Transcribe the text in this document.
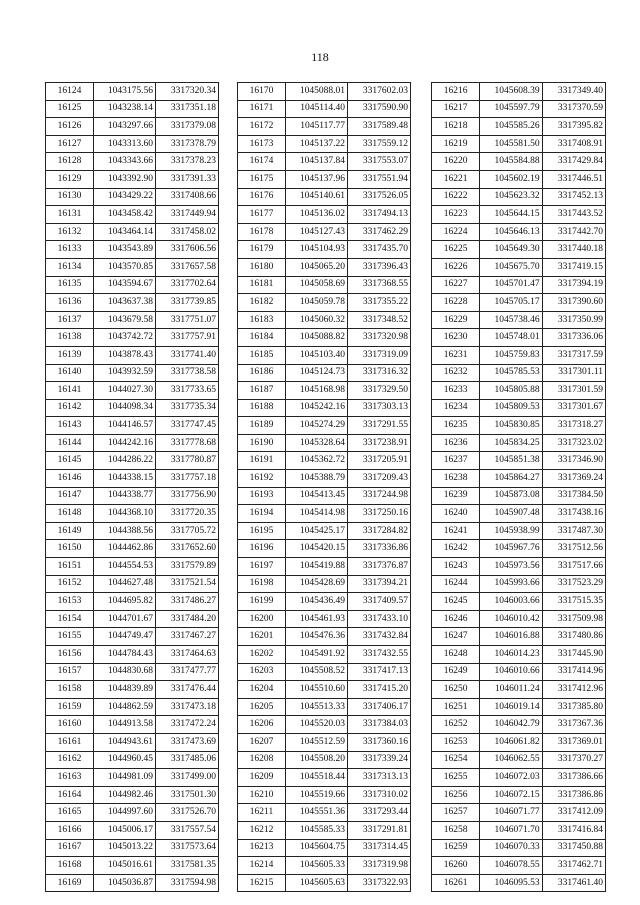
118
16124	1043175.56	3317320.34
16125	1043238.14	3317351.18
16126	1043297.66	3317379.08
16127	1043313.60	3317378.79
16128	1043343.66	3317378.23
16129	1043392.90	3317391.33
16130	1043429.22	3317408.66
16131	1043458.42	3317449.94
16132	1043464.14	3317458.02
16133	1043543.89	3317606.56
16134	1043570.85	3317657.58
16135	1043594.67	3317702.64
16136	1043637.38	3317739.85
16137	1043679.58	3317751.07
16138	1043742.72	3317757.91
16139	1043878.43	3317741.40
16140	1043932.59	3317738.58
16141	1044027.30	3317733.65
16142	1044098.34	3317735.34
16143	1044146.57	3317747.45
16144	1044242.16	3317778.68
16145	1044286.22	3317780.87
16146	1044338.15	3317757.18
16147	1044338.77	3317756.90
16148	1044368.10	3317720.35
16149	1044388.56	3317705.72
16150	1044462.86	3317652.60
16151	1044554.53	3317579.89
16152	1044627.48	3317521.54
16153	1044695.82	3317486.27
16154	1044701.67	3317484.20
16155	1044749.47	3317467.27
16156	1044784.43	3317464.63
16157	1044830.68	3317477.77
16158	1044839.89	3317476.44
16159	1044862.59	3317473.18
16160	1044913.58	3317472.24
16161	1044943.61	3317473.69
16162	1044960.45	3317485.06
16163	1044981.09	3317499.00
16164	1044982.46	3317501.30
16165	1044997.60	3317526.70
16166	1045006.17	3317557.54
16167	1045013.22	3317573.64
16168	1045016.61	3317581.35
16169	1045036.87	3317594.98
16170	1045088.01	3317602.03
16171	1045114.40	3317590.90
16172	1045117.77	3317589.48
16173	1045137.22	3317559.12
16174	1045137.84	3317553.07
16175	1045137.96	3317551.94
16176	1045140.61	3317526.05
16177	1045136.02	3317494.13
16178	1045127.43	3317462.29
16179	1045104.93	3317435.70
16180	1045065.20	3317396.43
16181	1045058.69	3317368.55
16182	1045059.78	3317355.22
16183	1045060.32	3317348.52
16184	1045088.82	3317320.98
16185	1045103.40	3317319.09
16186	1045124.73	3317316.32
16187	1045168.98	3317329.50
16188	1045242.16	3317303.13
16189	1045274.29	3317291.55
16190	1045328.64	3317238.91
16191	1045362.72	3317205.91
16192	1045388.79	3317209.43
16193	1045413.45	3317244.98
16194	1045414.98	3317250.16
16195	1045425.17	3317284.82
16196	1045420.15	3317336.86
16197	1045419.88	3317376.87
16198	1045428.69	3317394.21
16199	1045436.49	3317409.57
16200	1045461.93	3317433.10
16201	1045476.36	3317432.84
16202	1045491.92	3317432.55
16203	1045508.52	3317417.13
16204	1045510.60	3317415.20
16205	1045513.33	3317406.17
16206	1045520.03	3317384.03
16207	1045512.59	3317360.16
16208	1045508.20	3317339.24
16209	1045518.44	3317313.13
16210	1045519.66	3317310.02
16211	1045551.36	3317293.44
16212	1045585.33	3317291.81
16213	1045604.75	3317314.45
16214	1045605.33	3317319.98
16215	1045605.63	3317322.93
16216	1045608.39	3317349.40
16217	1045597.79	3317370.59
16218	1045585.26	3317395.82
16219	1045581.50	3317408.91
16220	1045584.88	3317429.84
16221	1045602.19	3317446.51
16222	1045623.32	3317452.13
16223	1045644.15	3317443.52
16224	1045646.13	3317442.70
16225	1045649.30	3317440.18
16226	1045675.70	3317419.15
16227	1045701.47	3317394.19
16228	1045705.17	3317390.60
16229	1045738.46	3317350.99
16230	1045748.01	3317336.06
16231	1045759.83	3317317.59
16232	1045785.53	3317301.11
16233	1045805.88	3317301.59
16234	1045809.53	3317301.67
16235	1045830.85	3317318.27
16236	1045834.25	3317323.02
16237	1045851.38	3317346.90
16238	1045864.27	3317369.24
16239	1045873.08	3317384.50
16240	1045907.48	3317438.16
16241	1045938.99	3317487.30
16242	1045967.76	3317512.56
16243	1045973.56	3317517.66
16244	1045993.66	3317523.29
16245	1046003.66	3317515.35
16246	1046010.42	3317509.98
16247	1046016.88	3317480.86
16248	1046014.23	3317445.90
16249	1046010.66	3317414.96
16250	1046011.24	3317412.96
16251	1046019.14	3317385.80
16252	1046042.79	3317367.36
16253	1046061.82	3317369.01
16254	1046062.55	3317370.27
16255	1046072.03	3317386.66
16256	1046072.15	3317386.86
16257	1046071.77	3317412.09
16258	1046071.70	3317416.84
16259	1046070.33	3317450.88
16260	1046078.55	3317462.71
16261	1046095.53	3317461.40
